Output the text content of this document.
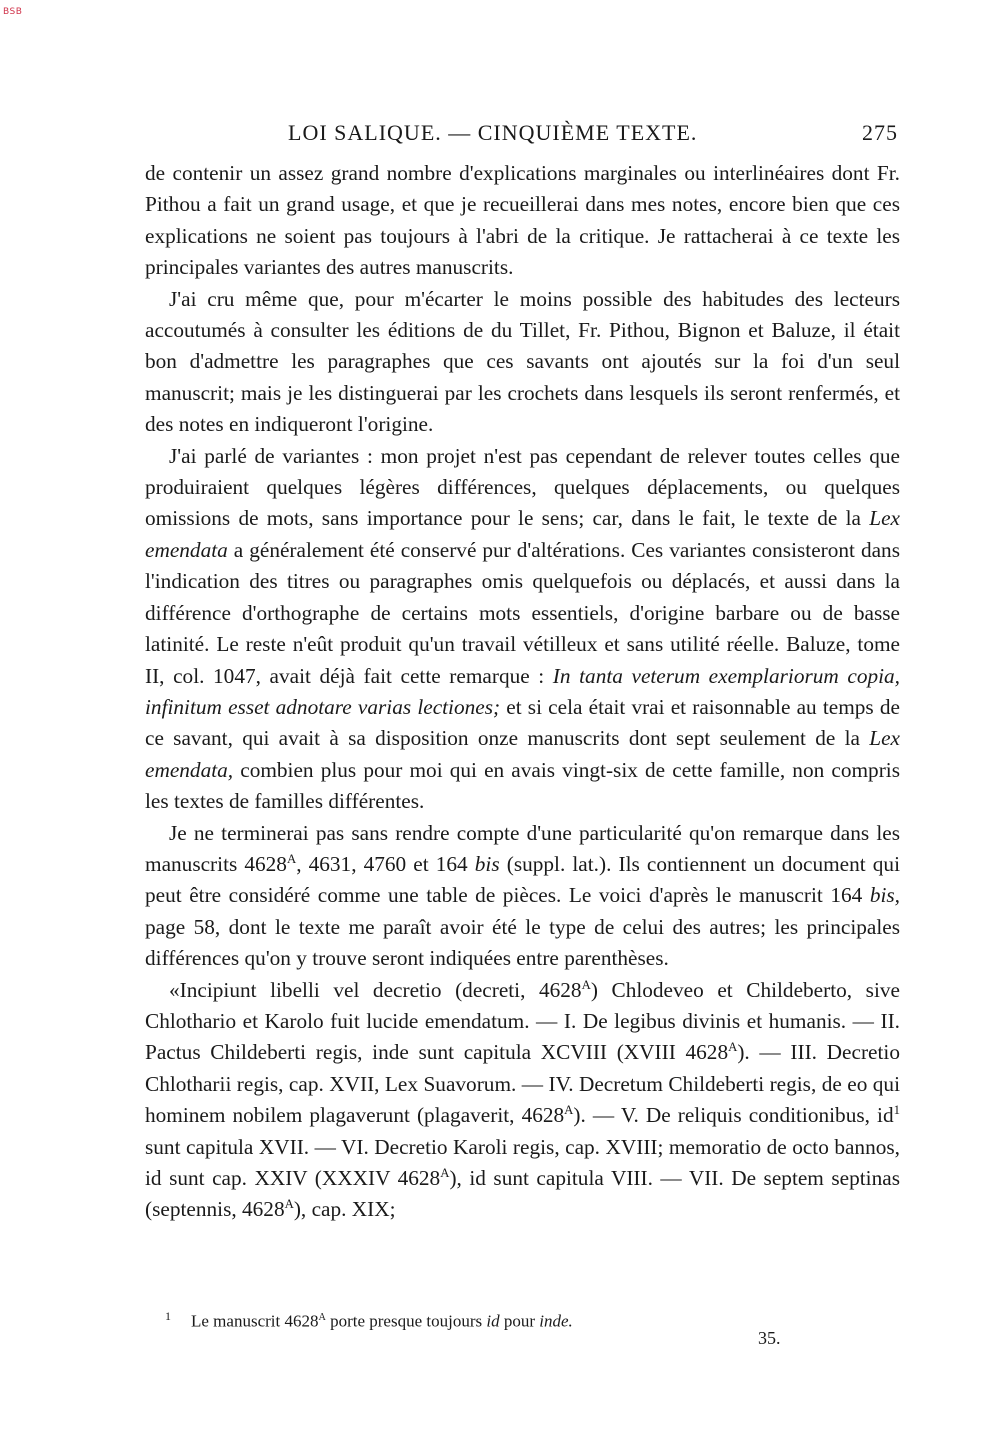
BSB
LOI SALIQUE. — CINQUIÈME TEXTE.	275

de contenir un assez grand nombre d'explications marginales ou interlinéaires dont Fr. Pithou a fait un grand usage, et que je recueillerai dans mes notes, encore bien que ces explications ne soient pas toujours à l'abri de la critique. Je rattacherai à ce texte les principales variantes des autres manuscrits.

J'ai cru même que, pour m'écarter le moins possible des habitudes des lecteurs accoutumés à consulter les éditions de du Tillet, Fr. Pithou, Bignon et Baluze, il était bon d'admettre les paragraphes que ces savants ont ajoutés sur la foi d'un seul manuscrit; mais je les distinguerai par les crochets dans lesquels ils seront renfermés, et des notes en indiqueront l'origine.

J'ai parlé de variantes : mon projet n'est pas cependant de relever toutes celles que produiraient quelques légères différences, quelques déplacements, ou quelques omissions de mots, sans importance pour le sens; car, dans le fait, le texte de la Lex emendata a généralement été conservé pur d'altérations. Ces variantes consisteront dans l'indication des titres ou paragraphes omis quelquefois ou déplacés, et aussi dans la différence d'orthographe de certains mots essentiels, d'origine barbare ou de basse latinité. Le reste n'eût produit qu'un travail vétilleux et sans utilité réelle. Baluze, tome II, col. 1047, avait déjà fait cette remarque : In tanta veterum exemplariorum copia, infinitum esset adnotare varias lectiones; et si cela était vrai et raisonnable au temps de ce savant, qui avait à sa disposition onze manuscrits dont sept seulement de la Lex emendata, combien plus pour moi qui en avais vingt-six de cette famille, non compris les textes de familles différentes.

Je ne terminerai pas sans rendre compte d'une particularité qu'on remarque dans les manuscrits $4628^A$, 4631, 4760 et 164 bis (suppl. lat.). Ils contiennent un document qui peut être considéré comme une table de pièces. Le voici d'après le manuscrit 164 bis, page 58, dont le texte me paraît avoir été le type de celui des autres; les principales différences qu'on y trouve seront indiquées entre parenthèses.

«Incipiunt libelli vel decretio (decreti, $4628^A$) Chlodeveo et Childeberto, sive Chlothario et Karolo fuit lucide emendatum. — I. De legibus divinis et humanis. — II. Pactus Childeberti regis, inde sunt capitula XCVIII (XVIII $4628^A$). — III. Decretio Chlotharii regis, cap. XVII, Lex Suavorum. — IV. Decretum Childeberti regis, de eo qui hominem nobilem plagaverunt (plagaverit, $4628^A$). — V. De reliquis conditionibus, $id^1$ sunt capitula XVII. — VI. Decretio Karoli regis, cap. XVIII; memoratio de octo bannos, id sunt cap. XXIV (XXXIV $4628^A$), id sunt capitula VIII. — VII. De septem septinas (septennis, $4628^A$), cap. XIX;

1 Le manuscrit $4628^A$ porte presque toujours id pour inde.
35.
